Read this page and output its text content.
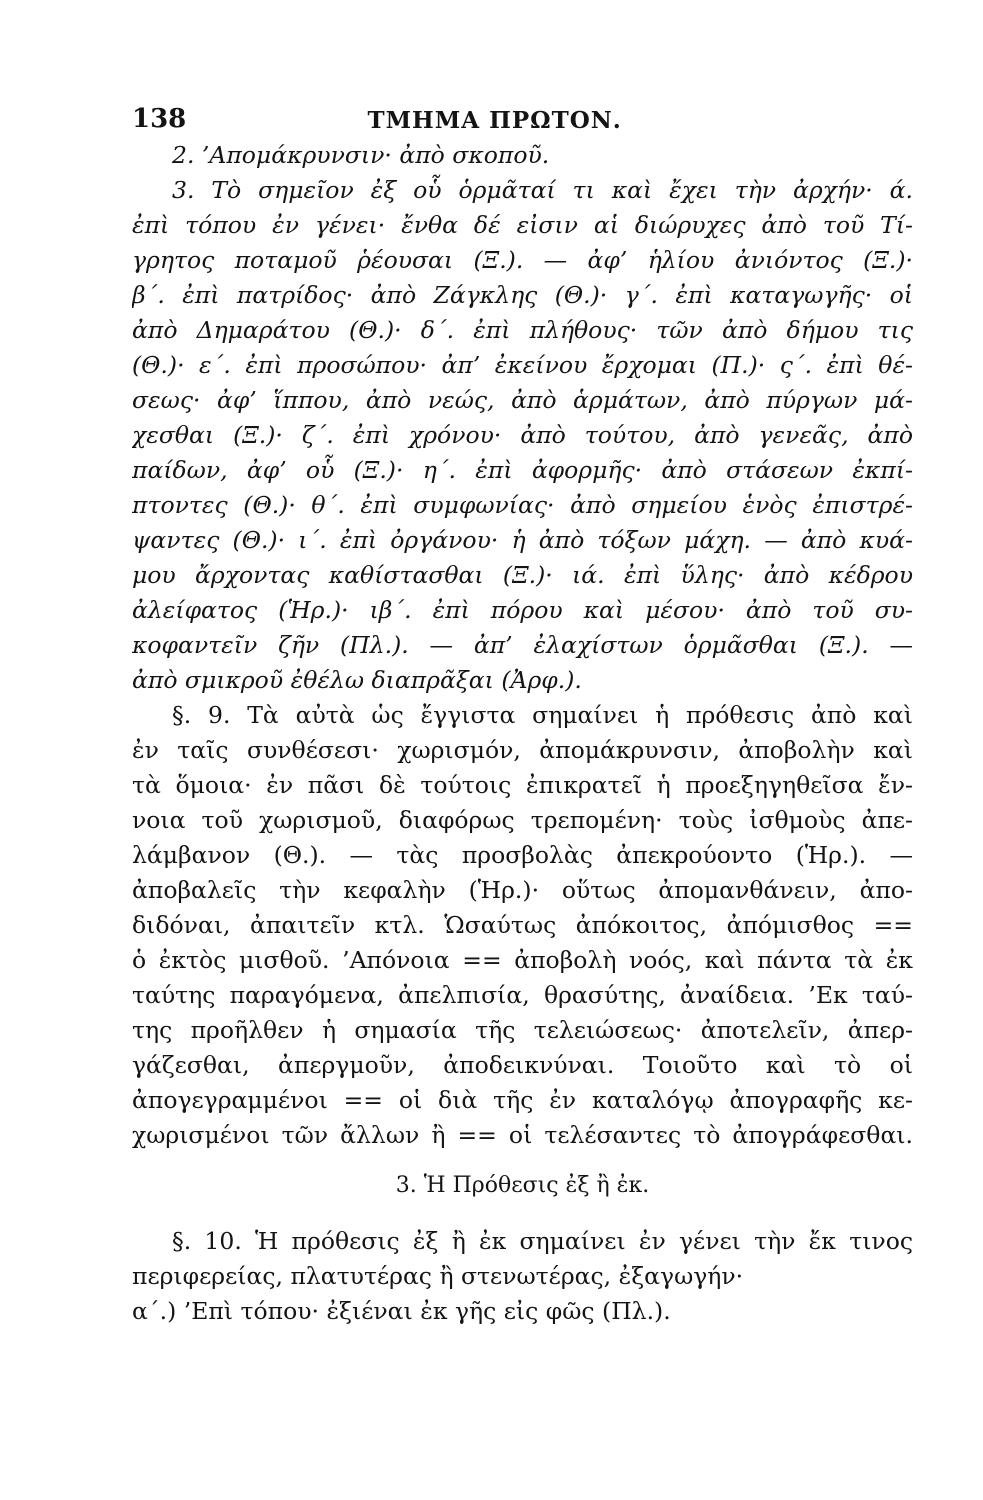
138	ΤΜΗΜΑ ΠΡΩΤΟΝ.
2. ’Απομάκρυνσιν· ἀπὸ σκοποῦ.
3. Τὸ σημεῖον ἐξ οὗ ὁρμᾶταί τι καὶ ἔχει τὴν ἀρχήν· ά.
ἐπὶ τόπου ἐν γένει· ἔνθα δέ εἰσιν αἱ διώρυχες ἀπὸ τοῦ Τί-
γρητος ποταμοῦ ῥέουσαι (Ξ.). — ἀφ’ ἡλίου ἀνιόντος (Ξ.)·
β΄. ἐπὶ πατρίδος· ἀπὸ Ζάγκλης (Θ.)· γ΄. ἐπὶ καταγωγῆς· οἱ
ἀπὸ Δημαράτου (Θ.)· δ΄. ἐπὶ πλήθους· τῶν ἀπὸ δήμου τις
(Θ.)· ε΄. ἐπὶ προσώπου· ἀπ’ ἐκείνου ἔρχομαι (Π.)· ς΄. ἐπὶ θέ-
σεως· ἀφ’ ἵππου, ἀπὸ νεώς, ἀπὸ ἁρμάτων, ἀπὸ πύργων μά-
χεσθαι (Ξ.)· ζ΄. ἐπὶ χρόνου· ἀπὸ τούτου, ἀπὸ γενεᾶς, ἀπὸ
παίδων, ἀφ’ οὗ (Ξ.)· η΄. ἐπὶ ἀφορμῆς· ἀπὸ στάσεων ἐκπί-
πτοντες (Θ.)· θ΄. ἐπὶ συμφωνίας· ἀπὸ σημείου ἑνὸς ἐπιστρέ-
ψαντες (Θ.)· ι΄. ἐπὶ ὀργάνου· ἡ ἀπὸ τόξων μάχη. — ἀπὸ κυά-
μου ἄρχοντας καθίστασθαι (Ξ.)· ιά. ἐπὶ ὕλης· ἀπὸ κέδρου
ἀλείφατος (Ἡρ.)· ιβ΄. ἐπὶ πόρου καὶ μέσου· ἀπὸ τοῦ συ-
κοφαντεῖν ζῆν (Πλ.). — ἀπ’ ἐλαχίστων ὁρμᾶσθαι (Ξ.). —
ἀπὸ σμικροῦ ἐθέλω διαπρᾶξαι (Ἀρφ.).
§. 9. Τὰ αὐτὰ ὡς ἔγγιστα σημαίνει ἡ πρόθεσις ἀπὸ καὶ
ἐν ταῖς συνθέσεσι· χωρισμόν, ἀπομάκρυνσιν, ἀποβολὴν καὶ
τὰ ὅμοια· ἐν πᾶσι δὲ τούτοις ἐπικρατεῖ ἡ προεξηγηθεῖσα ἔν-
νοια τοῦ χωρισμοῦ, διαφόρως τρεπομένη· τοὺς ἰσθμοὺς ἀπε-
λάμβανον (Θ.). — τὰς προσβολὰς ἀπεκρούοντο (Ἡρ.). —
ἀποβαλεῖς τὴν κεφαλὴν (Ἡρ.)· οὕτως ἀπομανθάνειν, ἀπο-
διδόναι, ἀπαιτεῖν κτλ. Ὡσαύτως ἀπόκοιτος, ἀπόμισθος ==
ὁ ἐκτὸς μισθοῦ. ’Απόνοια == ἀποβολὴ νοός, καὶ πάντα τὰ ἐκ
ταύτης παραγόμενα, ἀπελπισία, θρασύτης, ἀναίδεια. ’Εκ ταύ-
της προῆλθεν ἡ σημασία τῆς τελειώσεως· ἀποτελεῖν, ἀπερ-
γάζεσθαι, ἀπεργμοῦν, ἀποδεικνύναι. Τοιοῦτο καὶ τὸ οἱ
ἀπογεγραμμένοι == οἱ διὰ τῆς ἐν καταλόγῳ ἀπογραφῆς κε-
χωρισμένοι τῶν ἄλλων ἢ == οἱ τελέσαντες τὸ ἀπογράφεσθαι.
3. Ἡ Πρόθεσις ἐξ ἢ ἐκ.
§. 10. Ἡ πρόθεσις ἐξ ἢ ἐκ σημαίνει ἐν γένει τὴν ἔκ τινος
περιφερείας, πλατυτέρας ἢ στενωτέρας, ἐξαγωγήν·
α΄.) ’Επὶ τόπου· ἐξιέναι ἐκ γῆς εἰς φῶς (Πλ.).
